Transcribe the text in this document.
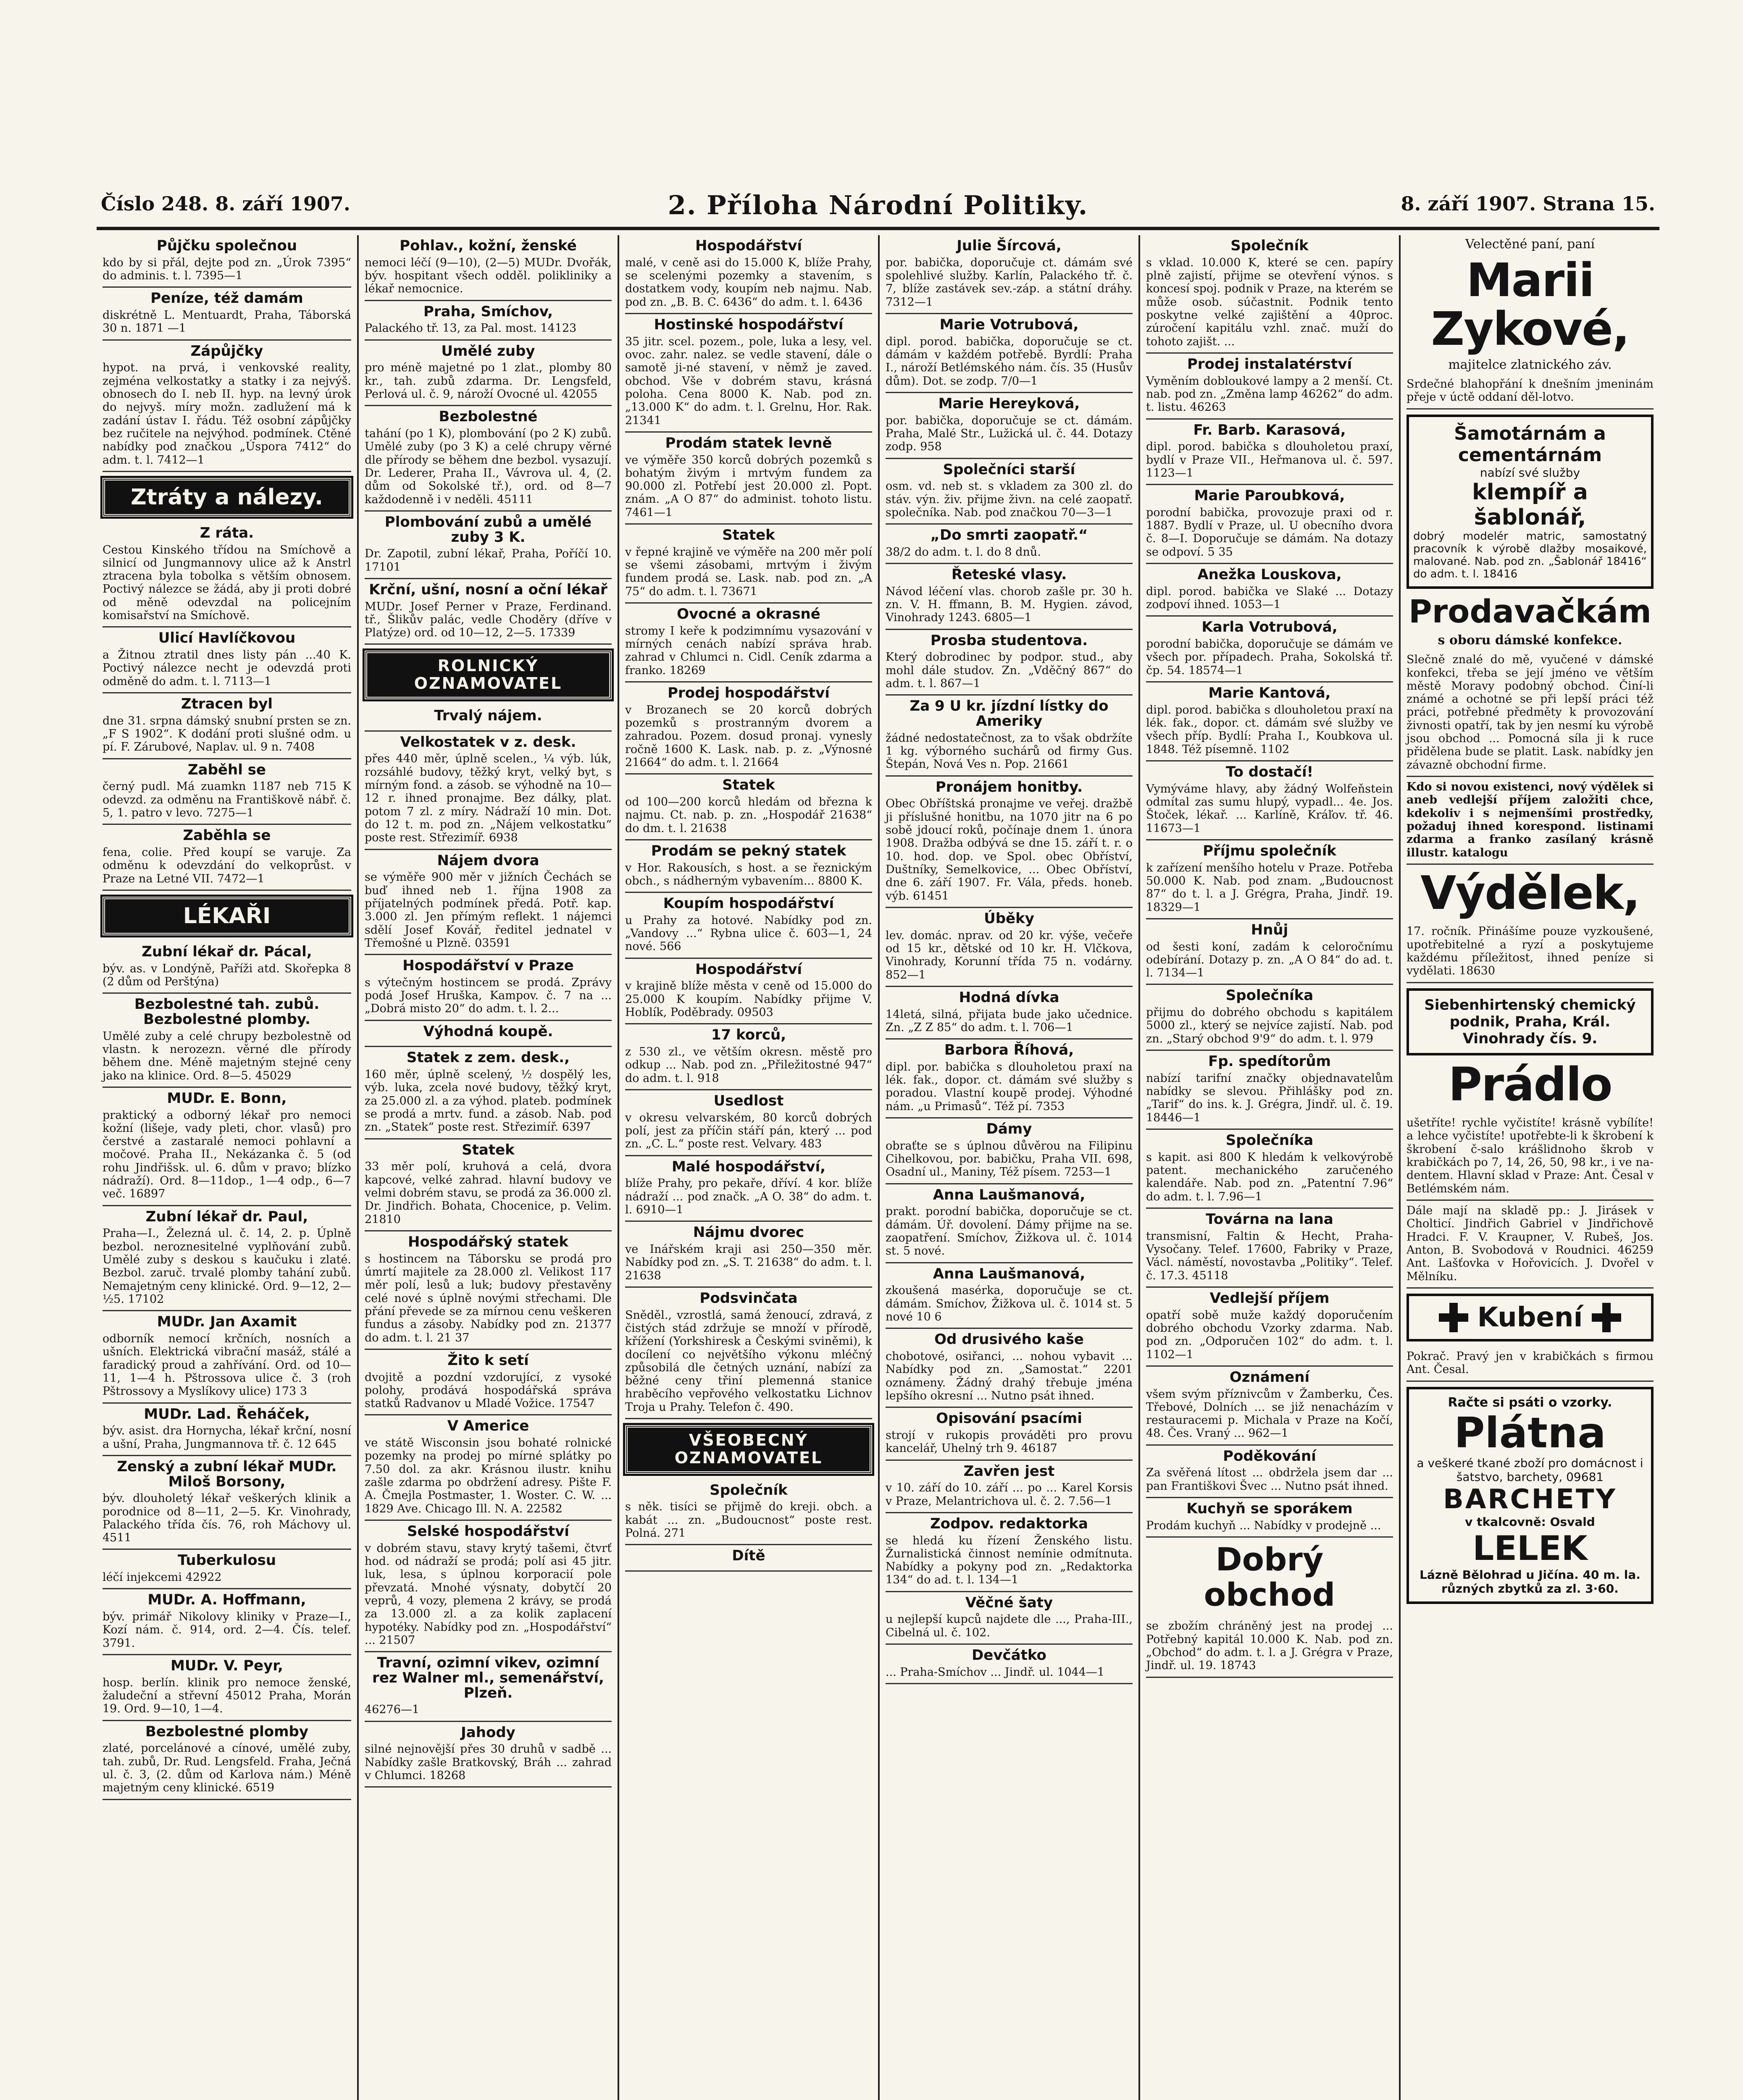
Číslo 248. 8. září 1907.	2. Příloha Národní Politiky.	8. září 1907. Strana 15.
Půjčku společnou

kdo by si přál, dejte pod zn. „Úrok 7395“ do adminis. t. l. 7395—1

Peníze, též damám

diskrétně L. Mentuardt, Praha, Táborská 30 n. 1871 —1

Zápůjčky

hypot. na prvá, i venkovské reality, zejména velkostatky a statky i za nejvýš. obnosech do I. neb II. hyp. na levný úrok do nejvyš. míry možn. zadlužení má k zadání ústav I. řádu. Též osobní zápůjčky bez ručitele na nejvýhod. podmínek. Ctěné nabídky pod značkou „Úspora 7412“ do adm. t. l. 7412—1

Ztráty a nálezy.
Z ráta.

Cestou Kinského třídou na Smíchově a silnicí od Jungmannovy ulice až k Anstrl ztracena byla tobolka s větším obnosem. Poctivý nálezce se žádá, aby ji proti dobré od měně odevzdal na policejním komisařství na Smíchově.

Ulicí Havlíčkovou

a Žitnou ztratil dnes listy pán ...40 K. Poctivý nálezce necht je odevzdá proti odměně do adm. t. l. 7113—1

Ztracen byl

dne 31. srpna dámský snubní prsten se zn. „F S 1902“. K dodání proti slušné odm. u pí. F. Zárubové, Naplav. ul. 9 n. 7408

Zaběhl se

černý pudl. Má zuamkn 1187 neb 715 K odevzd. za odměnu na Františkově nábř. č. 5, 1. patro v levo. 7275—1

Zaběhla se

fena, colie. Před koupí se varuje. Za odměnu k odevzdání do velkoprůst. v Praze na Letné VII. 7472—1

LÉKAŘI
Zubní lékař dr. Pácal,

býv. as. v Londýně, Paříži atd. Skořepka 8 (2 dům od Perštýna)

Bezbolestné tah. zubů. Bezbolestné plomby.

Umělé zuby a celé chrupy bezbolestně od vlastn. k nerozezn. věrné dle přírody během dne. Méně majetným stejné ceny jako na klinice. Ord. 8—5. 45029

MUDr. E. Bonn,

praktický a odborný lékař pro nemoci kožní (lišeje, vady pleti, chor. vlasů) pro čerstvé a zastaralé nemoci pohlavní a močové. Praha II., Nekázanka č. 5 (od rohu Jindřišsk. ul. 6. dům v pravo; blízko nádraží). Ord. 8—11dop., 1—4 odp., 6—7 več. 16897

Zubní lékař dr. Paul,

Praha—I., Železná ul. č. 14, 2. p. Úplně bezbol. neroznesitelné vyplňování zubů. Umělé zuby s deskou s kaučuku i zlaté. Bezbol. zaruč. trvalé plomby tahání zubů. Nemajetným ceny klinické. Ord. 9—12, 2—½5. 17102

MUDr. Jan Axamit

odborník nemocí krčních, nosních a ušních. Elektrická vibrační masáž, stálé a faradický proud a zahřívání. Ord. od 10—11, 1—4 h. Pštrossova ulice č. 3 (roh Pštrossovy a Myslíkovy ulice) 173 3

MUDr. Lad. Řeháček,

býv. asist. dra Hornycha, lékař krční, nosní a ušní, Praha, Jungmannova tř. č. 12 645

Zenský a zubní lékař MUDr. Miloš Borsony,

býv. dlouholetý lékař veškerých klinik a porodnice od 8—11, 2—5. Kr. Vinohrady, Palackého třída čís. 76, roh Máchovy ul. 4511

Tuberkulosu

léčí injekcemi 42922

MUDr. A. Hoffmann,

býv. primář Nikolovy kliniky v Praze—I., Kozí nám. č. 914, ord. 2—4. Čís. telef. 3791.

MUDr. V. Peyr,

hosp. berlín. klinik pro nemoce ženské, žaludeční a střevní 45012 Praha, Morán 19. Ord. 9—10, 1—4.

Bezbolestné plomby

zlaté, porcelánové a cínové, umělé zuby, tah. zubů, Dr. Rud. Lengsfeld. Fraha, Ječná ul. č. 3, (2. dům od Karlova nám.) Méně majetným ceny klinické. 6519

Pohlav., kožní, ženské

nemoci léčí (9—10), (2—5) MUDr. Dvořák, býv. hospitant všech odděl. polikliniky a lékař nemocnice.

Praha, Smíchov,

Palackého tř. 13, za Pal. most. 14123

Umělé zuby

pro méně majetné po 1 zlat., plomby 80 kr., tah. zubů zdarma. Dr. Lengsfeld, Perlová ul. č. 9, nároží Ovocné ul. 42055

Bezbolestné

tahání (po 1 K), plombování (po 2 K) zubů. Umělé zuby (po 3 K) a celé chrupy věrné dle přírody se během dne bezbol. vysazují. Dr. Lederer, Praha II., Vávrova ul. 4, (2. dům od Sokolské tř.), ord. od 8—7 každodenně i v neděli. 45111

Plombování zubů a umělé zuby 3 K.

Dr. Zapotil, zubní lékař, Praha, Poříčí 10. 17101

Krční, ušní, nosní a oční lékař

MUDr. Josef Perner v Praze, Ferdinand. tř., Šlikův palác, vedle Choděry (dříve v Platýze) ord. od 10—12, 2—5. 17339

ROLNICKÝ OZNAMOVATEL
Trvalý nájem.

Velkostatek v z. desk.

přes 440 měr, úplně scelen., ¼ výb. lúk, rozsáhlé budovy, těžký kryt, velký byt, s mírným fond. a zásob. se výhodně na 10—12 r. ihned pronajme. Bez dálky, plat. potom 7 zl. z míry. Nádraží 10 min. Dot. do 12 t. m. pod zn. „Nájem velkostatku“ poste rest. Střezimíř. 6938

Nájem dvora

se výměře 900 měr v jižních Čechách se buď ihned neb 1. října 1908 za příjatelných podmínek předá. Potř. kap. 3.000 zl. Jen přímým reflekt. 1 nájemci sdělí Josef Kovář, ředitel jednatel v Třemošné u Plzně. 03591

Hospodářství v Praze

s výtečným hostincem se prodá. Zprávy podá Josef Hruška, Kampov. č. 7 na ... „Dobrá misto 20“ do adm. t. l. 2...

Výhodná koupě.

Statek z zem. desk.,

160 měr, úplně scelený, ½ dospělý les, výb. luka, zcela nové budovy, těžký kryt, za 25.000 zl. a za výhod. plateb. podmínek se prodá a mrtv. fund. a zásob. Nab. pod zn. „Statek“ poste rest. Střezimíř. 6397

Statek

33 měr polí, kruhová a celá, dvora kapcové, velké zahrad. hlavní budovy ve velmi dobrém stavu, se prodá za 36.000 zl. Dr. Jindřich. Bohata, Chocenice, p. Velim. 21810

Hospodářský statek

s hostincem na Táborsku se prodá pro úmrtí majitele za 28.000 zl. Velikost 117 měr polí, lesů a luk; budovy přestavěny celé nové s úplně novými střechami. Dle přání převede se za mírnou cenu veškeren fundus a zásoby. Nabídky pod zn. 21377 do adm. t. l. 21 37

Žito k setí

dvojitě a pozdní vzdorující, z vysoké polohy, prodává hospodářská správa statků Radvanov u Mladé Vožice. 17547

V Americe

ve státě Wisconsin jsou bohaté rolnické pozemky na prodej po mírné splátky po 7.50 dol. za akr. Krásnou ilustr. knihu zašle zdarma po obdržení adresy. Pište F. A. Čmejla Postmaster, 1. Woster. C. W. ... 1829 Ave. Chicago Ill. N. A. 22582

Selské hospodářství

v dobrém stavu, stavy krytý tašemi, čtvrť hod. od nádraží se prodá; polí asi 45 jitr. luk, lesa, s úplnou korporacií pole převzatá. Mnohé výsnaty, dobytčí 20 veprů, 4 vozy, plemena 2 krávy, se prodá za 13.000 zl. a za kolik zaplacení hypotéky. Nabídky pod zn. „Hospodářství“ ... 21507

Travní, ozimní vikev, ozimní rez Walner ml., semenářství, Plzeň.

46276—1

Jahody

silné nejnovější přes 30 druhů v sadbě ... Nabídky zašle Bratkovský, Bráh ... zahrad v Chlumci. 18268

Hospodářství

malé, v ceně asi do 15.000 K, blíže Prahy, se scelenými pozemky a stavením, s dostatkem vody, koupím neb najmu. Nab. pod zn. „B. B. C. 6436“ do adm. t. l. 6436

Hostinské hospodářství

35 jitr. scel. pozem., pole, luka a lesy, vel. ovoc. zahr. nalez. se vedle stavení, dále o samotě ji-né stavení, v němž je zaved. obchod. Vše v dobrém stavu, krásná poloha. Cena 8000 K. Nab. pod zn. „13.000 K“ do adm. t. l. Grelnu, Hor. Rak. 21341

Prodám statek levně

ve výměře 350 korců dobrých pozemků s bohatým živým i mrtvým fundem za 90.000 zl. Potřebí jest 20.000 zl. Popt. znám. „A O 87“ do administ. tohoto listu. 7461—1

Statek

v řepné krajině ve výměře na 200 měr polí se všemi zásobami, mrtvým i živým fundem prodá se. Lask. nab. pod zn. „A 75“ do adm. t. l. 73671

Ovocné a okrasné

stromy I keře k podzimnímu vysazování v mírných cenách nabízí správa hrab. zahrad v Chlumci n. Cidl. Ceník zdarma a franko. 18269

Prodej hospodářství

v Brozanech se 20 korců dobrých pozemků s prostranným dvorem a zahradou. Pozem. dosud pronaj. vynesly ročně 1600 K. Lask. nab. p. z. „Výnosné 21664“ do adm. t. l. 21664

Statek

od 100—200 korců hledám od března k najmu. Ct. nab. p. zn. „Hospodář 21638“ do dm. t. l. 21638

Prodám se pekný statek

v Hor. Rakousích, s host. a se řeznickým obch., s nádherným vybavením... 8800 K.

Koupím hospodářství

u Prahy za hotové. Nabídky pod zn. „Vandovy ...“ Rybna ulice č. 603—1, 24 nové. 566

Hospodářství

v krajině blíže města v ceně od 15.000 do 25.000 K koupím. Nabídky přijme V. Hoblík, Poděbrady. 09503

17 korců,

z 530 zl., ve větším okresn. městě pro odkup ... Nab. pod zn. „Přiležitostné 947“ do adm. t. l. 918

Usedlost

v okresu velvarském, 80 korců dobrých polí, jest za příčin stáří pán, který ... pod zn. „C. L.“ poste rest. Velvary. 483

Malé hospodářství,

blíže Prahy, pro pekaře, dříví. 4 kor. blíže nádraží ... pod značk. „A O. 38“ do adm. t. l. 6910—1

Nájmu dvorec

ve Inářském kraji asi 250—350 měr. Nabídky pod zn. „S. T. 21638“ do adm. t. l. 21638

Podsvinčata

Sněděl., vzrostlá, samá ženoucí, zdravá, z čistých stád zdržuje se množí v přírodě, křížení (Yorkshiresk a Českými sviněmi), k docílení co největšího výkonu mléčný způsobilá dle četných uznání, nabízí za běžné ceny třiní plemenná stanice hraběcího vepřového velkostatku Lichnov Troja u Prahy. Telefon č. 490.

VŠEOBECNÝ OZNAMOVATEL
Společník

s něk. tisíci se přijmě do kreji. obch. a kabát ... zn. „Budoucnost“ poste rest. Polná. 271

Dítě

Julie Šírcová,

por. babička, doporučuje ct. dámám své spolehlivé služby. Karlín, Palackého tř. č. 7, blíže zastávek sev.-záp. a státní dráhy. 7312—1

Marie Votrubová,

dipl. porod. babička, doporučuje se ct. dámám v každém potřebě. Byrdlí: Praha I., nároží Betlémského nám. čís. 35 (Husův dům). Dot. se zodp. 7/0—1

Marie Hereyková,

por. babička, doporučuje se ct. dámám. Praha, Malé Str., Lužická ul. č. 44. Dotazy zodp. 958

Společníci starší

osm. vd. neb st. s vkladem za 300 zl. do stáv. výn. živ. přijme živn. na celé zaopatř. společníka. Nab. pod značkou 70—3—1

„Do smrti zaopatř.“

38/2 do adm. t. l. do 8 dnů.

Řeteské vlasy.

Návod léčení vlas. chorob zašle pr. 30 h. zn. V. H. ffmann, B. M. Hygien. závod, Vinohrady 1243. 6805—1

Prosba studentova.

Který dobrodinec by podpor. stud., aby mohl dále studov. Zn. „Vděčný 867“ do adm. t. l. 867—1

Za 9 U kr. jízdní lístky do Ameriky

žádné nedostatečnost, za to však obdržíte 1 kg. výborného suchárů od firmy Gus. Štepán, Nová Ves n. Pop. 21661

Pronájem honitby.

Obec Obříštská pronajme ve veřej. dražbě ji příslušné honitbu, na 1070 jitr na 6 po sobě jdoucí roků, počínaje dnem 1. února 1908. Dražba odbývá se dne 15. září t. r. o 10. hod. dop. ve Spol. obec Obříství, Duštníky, Semelkovice, ... Obec Obříství, dne 6. září 1907. Fr. Vála, předs. honeb. výb. 61451

Úběky

lev. domác. nprav. od 20 kr. výše, večeře od 15 kr., dětské od 10 kr. H. Vlčkova, Vinohrady, Korunní třída 75 n. vodárny. 852—1

Hodná dívka

14letá, silná, přijata bude jako učednice. Zn. „Z Z 85“ do adm. t. l. 706—1

Barbora Říhová,

dipl. por. babička s dlouholetou praxí na lék. fak., dopor. ct. dámám své služby s poradou. Vlastní koupě prodej. Výhodné nám. „u Primasů“. Též pí. 7353

Dámy

obraťte se s úplnou důvěrou na Filipinu Cihelkovou, por. babičku, Praha VII. 698, Osadní ul., Maniny, Též písem. 7253—1

Anna Laušmanová,

prakt. porodní babička, doporučuje se ct. dámám. Úř. dovolení. Dámy přijme na se. zaopatření. Smíchov, Žižkova ul. č. 1014 st. 5 nové.

Anna Laušmanová,

zkoušená masérka, doporučuje se ct. dámám. Smíchov, Žižkova ul. č. 1014 st. 5 nové 10 6

Od drusivého kaše

chobotové, osiřanci, ... nohou vybavit ... Nabídky pod zn. „Samostat.“ 2201 oznámeny. Žádný drahý třebuje jména lepšího okresní ... Nutno psát ihned.

Opisování psacími

strojí v rukopis prováděti pro provu kancelář, Uhelný trh 9. 46187

Zavřen jest

v 10. září do 10. září ... po ... Karel Korsis v Praze, Melantrichova ul. č. 2. 7.56—1

Zodpov. redaktorka

se hledá ku řízení Ženského listu. Žurnalistická činnost nemínie odmítnuta. Nabídky a pokyny pod zn. „Redaktorka 134“ do ad. t. l. 134—1

Věčné šaty

u nejlepší kupců najdete dle ..., Praha-III., Cibelná ul. č. 102.

Devčátko

... Praha-Smíchov ... Jindř. ul. 1044—1

Společník

s vklad. 10.000 K, které se cen. papíry plně zajistí, přijme se otevření výnos. s koncesí spoj. podnik v Praze, na kterém se může osob. súčastnit. Podnik tento poskytne velké zajištění a 40proc. zúročení kapitálu vzhl. znač. muží do tohoto zajišt. ...

Prodej instalatérství

Vyměním dobloukové lampy a 2 menší. Ct. nab. pod zn. „Změna lamp 46262“ do adm. t. listu. 46263

Fr. Barb. Karasová,

dipl. porod. babička s dlouholetou praxí, bydlí v Praze VII., Heřmanova ul. č. 597. 1123—1

Marie Paroubková,

porodní babička, provozuje praxi od r. 1887. Bydlí v Praze, ul. U obecního dvora č. 8—I. Doporučuje se dámám. Na dotazy se odpoví. 5 35

Anežka Louskova,

dipl. porod. babička ve Slaké ... Dotazy zodpoví ihned. 1053—1

Karla Votrubová,

porodní babička, doporučuje se dámám ve všech por. případech. Praha, Sokolská tř. čp. 54. 18574—1

Marie Kantová,

dipl. porod. babička s dlouholetou praxí na lék. fak., dopor. ct. dámám své služby ve všech příp. Bydlí: Praha I., Koubkova ul. 1848. Též písemně. 1102

To dostačí!

Vymýváme hlavy, aby žádný Wolfeňstein odmítal zas sumu hlupý, vypadl... 4e. Jos. Štoček, lékař. ... Karlíně, Kráľov. tř. 46. 11673—1

Příjmu společník

k zařízení menšího hotelu v Praze. Potřeba 50.000 K. Nab. pod znam. „Budoucnost 87“ do t. l. a J. Grégra, Praha, Jindř. 19. 18329—1

Hnůj

od šesti koní, zadám k celoročnímu odebírání. Dotazy p. zn. „A O 84“ do ad. t. l. 7134—1

Společníka

přijmu do dobrého obchodu s kapitálem 5000 zl., který se nejvíce zajistí. Nab. pod zn. „Starý obchod 9'9“ do adm. t. l. 979

Fp. spedítorům

nabízí tarifní značky objednavatelům nabídky se slevou. Přihlášky pod zn. „Tarif“ do ins. k. J. Grégra, Jindř. ul. č. 19. 18446—1

Společníka

s kapit. asi 800 K hledám k velkovýrobě patent. mechanického zaručeného kalendáře. Nab. pod zn. „Patentní 7.96“ do adm. t. l. 7.96—1

Továrna na lana

transmisní, Faltin & Hecht, Praha-Vysočany. Telef. 17600, Fabriky v Praze, Václ. náměstí, novostavba „Politiky“. Telef. č. 17.3. 45118

Vedlejší příjem

opatří sobě muže každý doporučením dobrého obchodu Vzorky zdarma. Nab. pod zn. „Odporučen 102“ do adm. t. l. 1102—1

Oznámení

všem svým příznivcům v Žamberku, Čes. Třebové, Dolních ... se již nenacházím v restauracemi p. Michala v Praze na Kočí, 48. Čes. Vraný ... 962—1

Poděkování

Za svěřená lítost ... obdržela jsem dar ... pan Františkovi Švec ... Nutno psát ihned.

Kuchyň se sporákem

Prodám kuchyň ... Nabídky v prodejně ...

Dobrý obchod

se zbožím chráněný jest na prodej ... Potřebný kapitál 10.000 K. Nab. pod zn. „Obchod“ do adm. t. l. a J. Grégra v Praze, Jindř. ul. 19. 18743

Velectěné paní, paní
Marii Zykové,
majitelce zlatnického záv.

Srdečné blahopřání k dnešním jmeninám přeje v úctě oddaní děl-lotvo.

Šamotárnám a cementárnám
nabízí své služby
klempíř a šablonář,

dobrý modelér matric, samostatný pracovník k výrobě dlažby mosaikové, malované. Nab. pod zn. „Šablonář 18416“ do adm. t. l. 18416

Prodavačkám
s oboru dámské konfekce.

Slečně znalé do mě, vyučené v dámské konfekci, třeba se její jméno ve větším městě Moravy podobný obchod. Činí-li známé a ochotné se při lepší práci též práci, potřebné předměty k provozování živnosti opatří, tak by jen nesmí ku výrobě jsou obchod ... Pomocná síla ji k ruce přidělena bude se platit. Lask. nabídky jen závazně obchodní firme.

Kdo si novou existenci, nový výdělek si aneb vedlejší příjem založiti chce, kdekoliv i s nejmenšími prostředky, požaduj ihned korespond. listinami zdarma a franko zasílaný krásně illustr. katalogu

Výdělek,

17. ročník. Přinášíme pouze vyzkoušené, upotřebitelné a ryzí a poskytujeme každému příležitost, ihned peníze si vydělati. 18630

Siebenhirtenský chemický podnik, Praha, Král. Vinohrady čís. 9.
Prádlo

ušetříte! rychle vyčistíte! krásně vybílíte! a lehce vyčistíte! upotřebte-li k škrobení k škrobení č-salo krášlidnoho škrob v krabičkách po 7, 14, 26, 50, 98 kr., i ve na-dentem. Hlavní sklad v Praze: Ant. Česal v Betlémském nám.

Dále mají na skladě pp.: J. Jirásek v Cholticí. Jindřich Gabriel v Jindřichově Hradci. F. V. Kraupner, V. Rubeš, Jos. Anton, B. Svobodová v Roudnici. 46259 Ant. Lašťovka v Hořovicích. J. Dvořel v Mělníku.

Kubení

Pokrač. Pravý jen v krabičkách s firmou Ant. Česal.

Račte si psáti o vzorky.
Plátna
a veškeré tkané zboží pro domácnost i šatstvo, barchety, 09681
BARCHETY
v tkalcovně: Osvald
LELEK
Lázně Bělohrad u Jičína. 40 m. la. různých zbytků za zl. 3·60.
